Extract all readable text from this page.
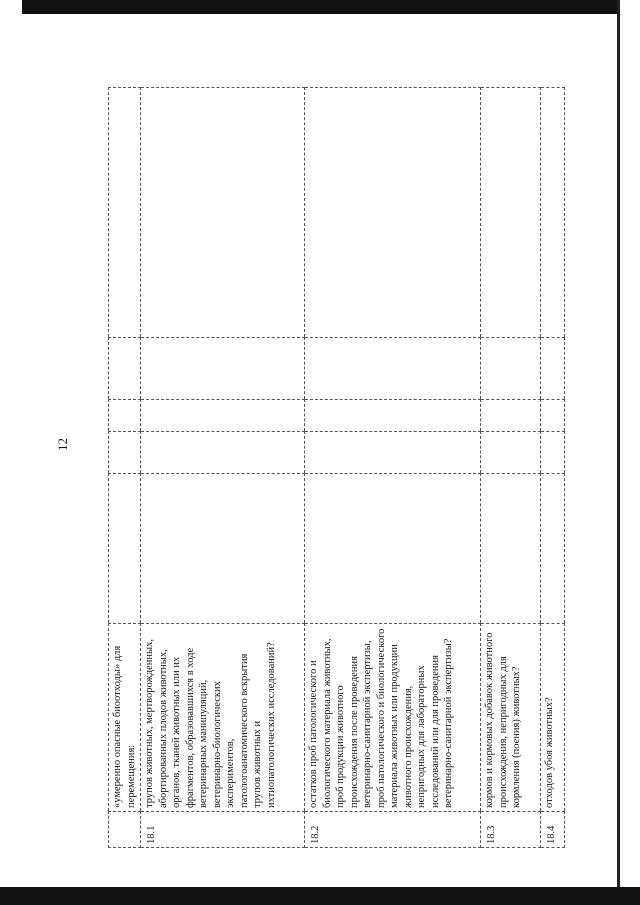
12
	«умеренно опасные биоотходы» для перемещения:					
18.1	трупов животных, мертворожденных, абортированных плодов животных, органов, тканей животных или их фрагментов, образовавшихся в ходе ветеринарных манипуляций, ветеринарно-биологических экспериментов, патологоанатомического вскрытия трупов животных и ихтиопатологических исследований?					
18.2	остатков проб патологического и биологического материала животных, проб продукции животного происхождения после проведения ветеринарно-санитарной экспертизы, проб патологического и биологического материала животных или продукции животного происхождения, непригодных для лабораторных исследований или для проведения ветеринарно-санитарной экспертизы?					
18.3	кормов и кормовых добавок животного происхождения, непригодных для кормления (поения) животных?					
18.4	отходов убоя животных?					
